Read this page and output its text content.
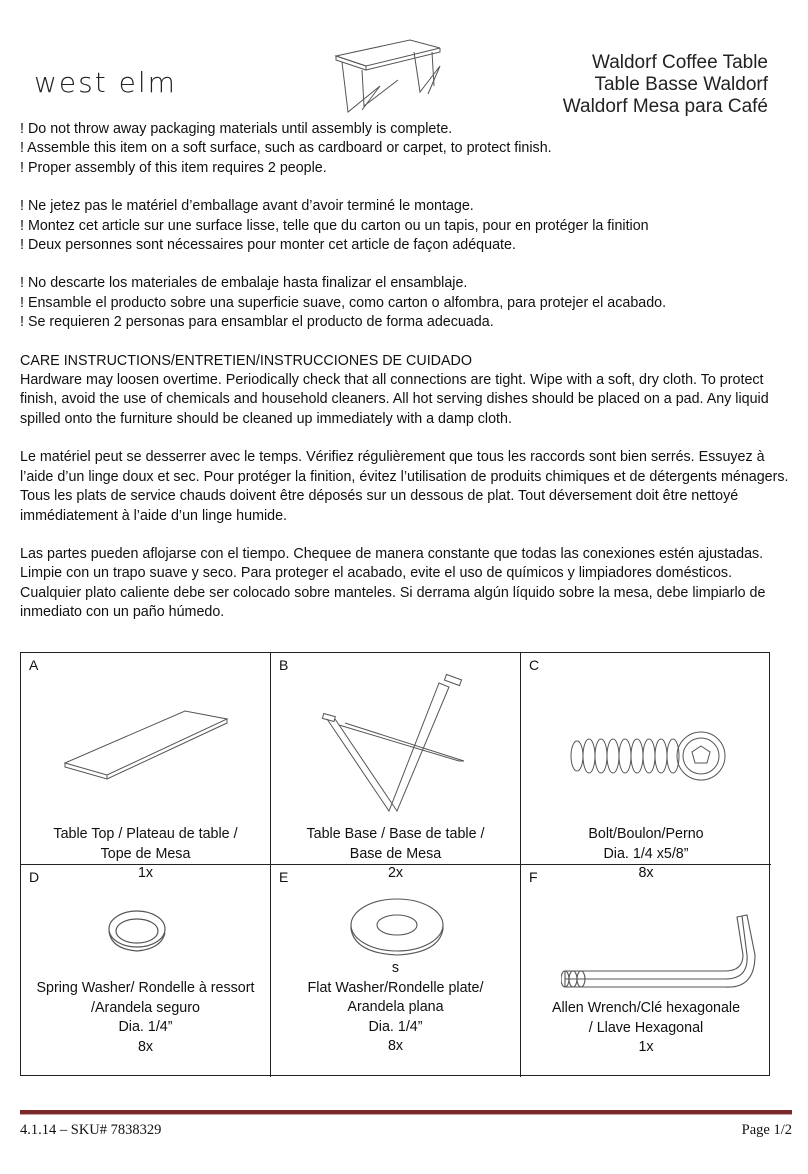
west elm
Waldorf Coffee Table
Table Basse Waldorf
Waldorf Mesa para Café

! Do not throw away packaging materials until assembly is complete.

! Assemble this item on a soft surface, such as cardboard or carpet, to protect finish.

! Proper assembly of this item requires 2 people.

! Ne jetez pas le matériel d’emballage avant d’avoir terminé le montage.

! Montez cet article sur une surface lisse, telle que du carton ou un tapis, pour en protéger la finition

! Deux personnes sont nécessaires pour monter cet article de façon adéquate.

! No descarte los materiales de embalaje hasta finalizar el ensamblaje.

! Ensamble el producto sobre una superficie suave, como carton o alfombra, para protejer el acabado.

! Se requieren 2 personas para ensamblar el producto de forma adecuada.

CARE INSTRUCTIONS/ENTRETIEN/INSTRUCCIONES DE CUIDADO

Hardware may loosen overtime. Periodically check that all connections are tight. Wipe with a soft, dry cloth. To protect finish, avoid the use of chemicals and household cleaners. All hot serving dishes should be placed on a pad. Any liquid spilled onto the furniture should be cleaned up immediately with a damp cloth.

Le matériel peut se desserrer avec le temps. Vérifiez régulièrement que tous les raccords sont bien serrés. Essuyez à l’aide d’un linge doux et sec. Pour protéger la finition, évitez l’utilisation de produits chimiques et de détergents ménagers. Tous les plats de service chauds doivent être déposés sur un dessous de plat. Tout déversement doit être nettoyé immédiatement à l’aide d’un linge humide.

Las partes pueden aflojarse con el tiempo. Chequee de manera constante que todas las conexiones estén ajustadas. Limpie con un trapo suave y seco. Para proteger el acabado, evite el uso de químicos y limpiadores domésticos. Cualquier plato caliente debe ser colocado sobre manteles. Si derrama algún líquido sobre la mesa, debe limpiarlo de inmediato con un paño húmedo.

A
Table Top / Plateau de table /
Tope de Mesa
1x
B
Table Base / Base de table /
Base de Mesa
2x
C
Bolt/Boulon/Perno
Dia. 1/4 x5/8”
8x
D
Spring Washer/ Rondelle à ressort
/Arandela seguro
Dia. 1/4”
8x
E
s
Flat Washer/Rondelle plate/
Arandela plana
Dia. 1/4”
8x
F
Allen Wrench/Clé hexagonale
/ Llave Hexagonal
1x
4.1.14 – SKU# 7838329	Page 1/2
